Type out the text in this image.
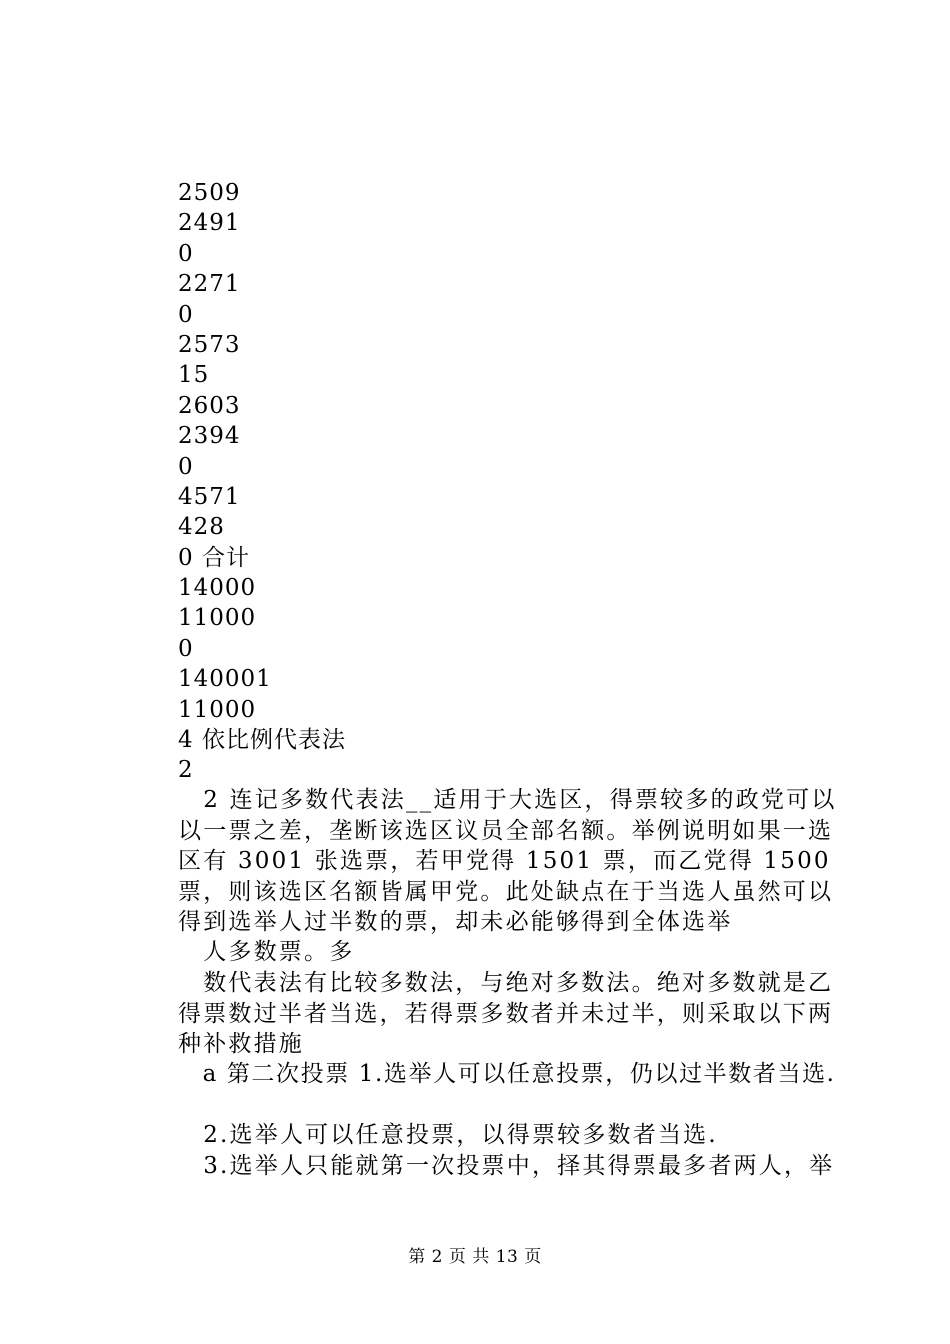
2509
2491
0
2271
0
2573
15
2603
2394
0
4571
428
0 合计
14000
11000
0
140001
11000
4 依比例代表法
2
　2 连记多数代表法__适用于大选区，得票较多的政党可以以一票之差，垄断该选区议员全部名额。举例说明如果一选区有 3001 张选票，若甲党得 1501 票，而乙党得 1500 票，则该选区名额皆属甲党。此处缺点在于当选人虽然可以得到选举人过半数的票，却未必能够得到全体选举
　人多数票。多
　数代表法有比较多数法，与绝对多数法。绝对多数就是乙得票数过半者当选，若得票多数者并未过半，则采取以下两种补救措施
　a 第二次投票 1.选举人可以任意投票，仍以过半数者当选.
　2.选举人可以任意投票，以得票较多数者当选.
　3.选举人只能就第一次投票中，择其得票最多者两人，举
第 2 页 共 13 页
